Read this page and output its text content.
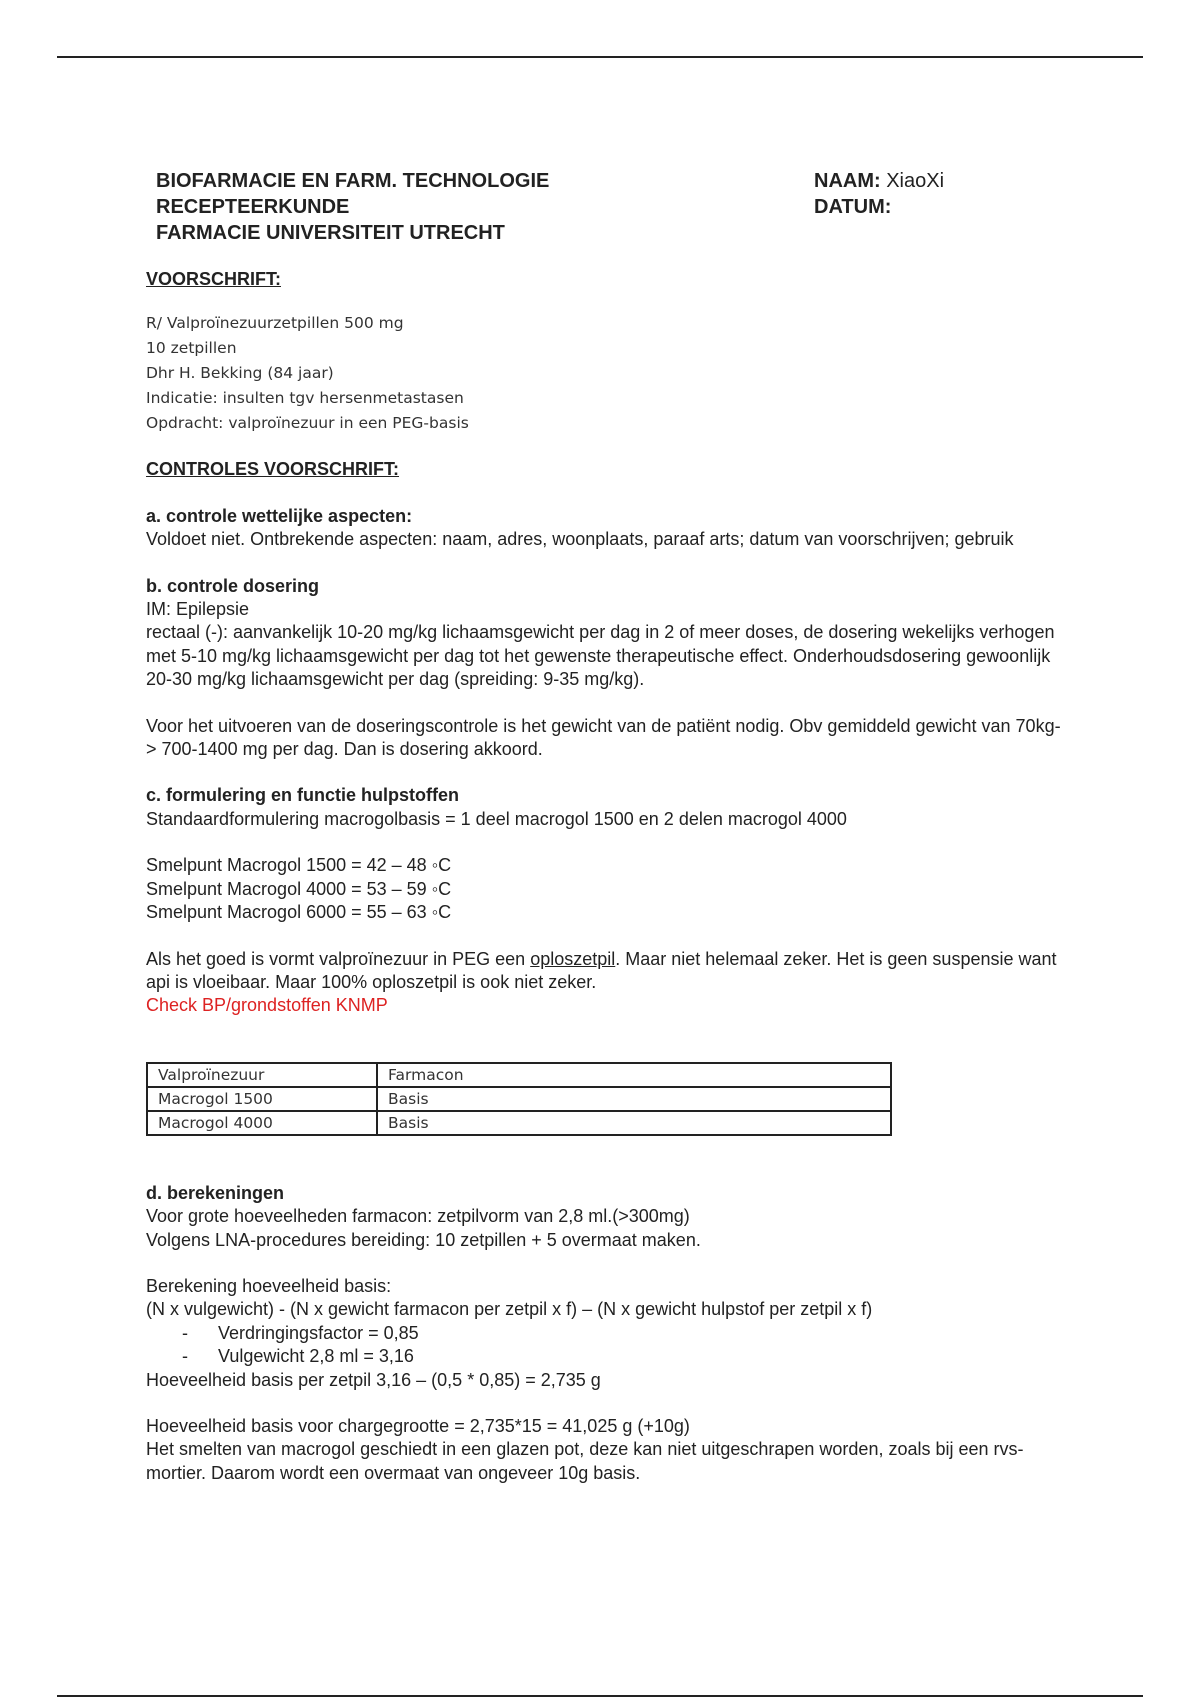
BIOFARMACIE EN FARM. TECHNOLOGIE
RECEPTEERKUNDE
FARMACIE UNIVERSITEIT UTRECHT
NAAM: XiaoXi
DATUM:

VOORSCHRIFT:

R/ Valproïnezuurzetpillen 500 mg
10 zetpillen
Dhr H. Bekking (84 jaar)
Indicatie: insulten tgv hersenmetastasen
Opdracht: valproïnezuur in een PEG-basis

CONTROLES VOORSCHRIFT:

a. controle wettelijke aspecten:

Voldoet niet. Ontbrekende aspecten: naam, adres, woonplaats, paraaf arts; datum van voorschrijven; gebruik

b. controle dosering

IM: Epilepsie

rectaal (-): aanvankelijk 10-20 mg/kg lichaamsgewicht per dag in 2 of meer doses, de dosering wekelijks verhogen met 5-10 mg/kg lichaamsgewicht per dag tot het gewenste therapeutische effect. Onderhoudsdosering gewoonlijk 20-30 mg/kg lichaamsgewicht per dag (spreiding: 9-35 mg/kg).

Voor het uitvoeren van de doseringscontrole is het gewicht van de patiënt nodig. Obv gemiddeld gewicht van 70kg-> 700-1400 mg per dag. Dan is dosering akkoord.

c. formulering en functie hulpstoffen

Standaardformulering macrogolbasis = 1 deel macrogol 1500 en 2 delen macrogol 4000

Smelpunt Macrogol 1500 = 42 – 48 ◦C

Smelpunt Macrogol 4000 = 53 – 59 ◦C

Smelpunt Macrogol 6000 = 55 – 63 ◦C

Als het goed is vormt valproïnezuur in PEG een oploszetpil. Maar niet helemaal zeker. Het is geen suspensie want api is vloeibaar. Maar 100% oploszetpil is ook niet zeker.

Check BP/grondstoffen KNMP

Valproïnezuur	Farmacon
Macrogol 1500	Basis
Macrogol 4000	Basis

d. berekeningen

Voor grote hoeveelheden farmacon: zetpilvorm van 2,8 ml.(>300mg)

Volgens LNA-procedures bereiding: 10 zetpillen + 5 overmaat maken.

Berekening hoeveelheid basis:

(N x vulgewicht) - (N x gewicht farmacon per zetpil x f) – (N x gewicht hulpstof per zetpil x f)

- Verdringingsfactor = 0,85

- Vulgewicht 2,8 ml = 3,16

Hoeveelheid basis per zetpil 3,16 – (0,5 * 0,85) = 2,735 g

Hoeveelheid basis voor chargegrootte = 2,735*15 = 41,025 g (+10g)

Het smelten van macrogol geschiedt in een glazen pot, deze kan niet uitgeschrapen worden, zoals bij een rvs-mortier. Daarom wordt een overmaat van ongeveer 10g basis.
